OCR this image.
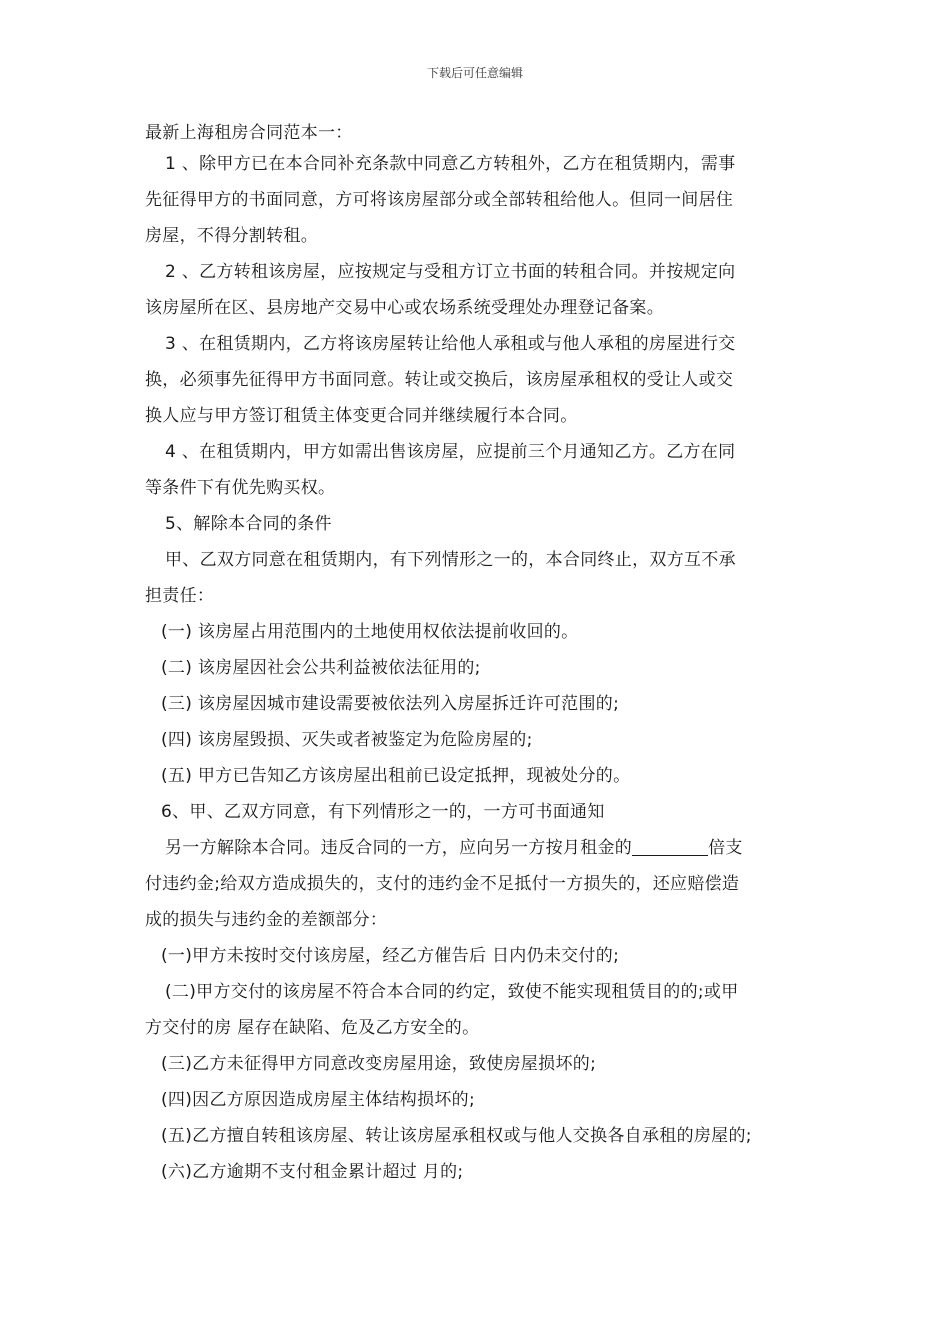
下载后可任意编辑
最新上海租房合同范本一：
1 、除甲方已在本合同补充条款中同意乙方转租外，乙方在租赁期内，需事
先征得甲方的书面同意，方可将该房屋部分或全部转租给他人。但同一间居住
房屋，不得分割转租。
2 、乙方转租该房屋，应按规定与受租方订立书面的转租合同。并按规定向
该房屋所在区、县房地产交易中心或农场系统受理处办理登记备案。
3 、在租赁期内，乙方将该房屋转让给他人承租或与他人承租的房屋进行交
换，必须事先征得甲方书面同意。转让或交换后，该房屋承租权的受让人或交
换人应与甲方签订租赁主体变更合同并继续履行本合同。
4 、在租赁期内，甲方如需出售该房屋，应提前三个月通知乙方。乙方在同
等条件下有优先购买权。
5、解除本合同的条件
甲、乙双方同意在租赁期内，有下列情形之一的，本合同终止，双方互不承
担责任：
(一) 该房屋占用范围内的土地使用权依法提前收回的。
(二) 该房屋因社会公共利益被依法征用的;
(三) 该房屋因城市建设需要被依法列入房屋拆迁许可范围的;
(四) 该房屋毁损、灭失或者被鉴定为危险房屋的;
(五) 甲方已告知乙方该房屋出租前已设定抵押，现被处分的。
6、甲、乙双方同意，有下列情形之一的，一方可书面通知
另一方解除本合同。违反合同的一方，应向另一方按月租金的	倍支
付违约金;给双方造成损失的，支付的违约金不足抵付一方损失的，还应赔偿造
成的损失与违约金的差额部分：
(一)甲方未按时交付该房屋，经乙方催告后 日内仍未交付的;
(二)甲方交付的该房屋不符合本合同的约定，致使不能实现租赁目的的;或甲
方交付的房 屋存在缺陷、危及乙方安全的。
(三)乙方未征得甲方同意改变房屋用途，致使房屋损坏的;
(四)因乙方原因造成房屋主体结构损坏的;
(五)乙方擅自转租该房屋、转让该房屋承租权或与他人交换各自承租的房屋的;
(六)乙方逾期不支付租金累计超过 月的;
